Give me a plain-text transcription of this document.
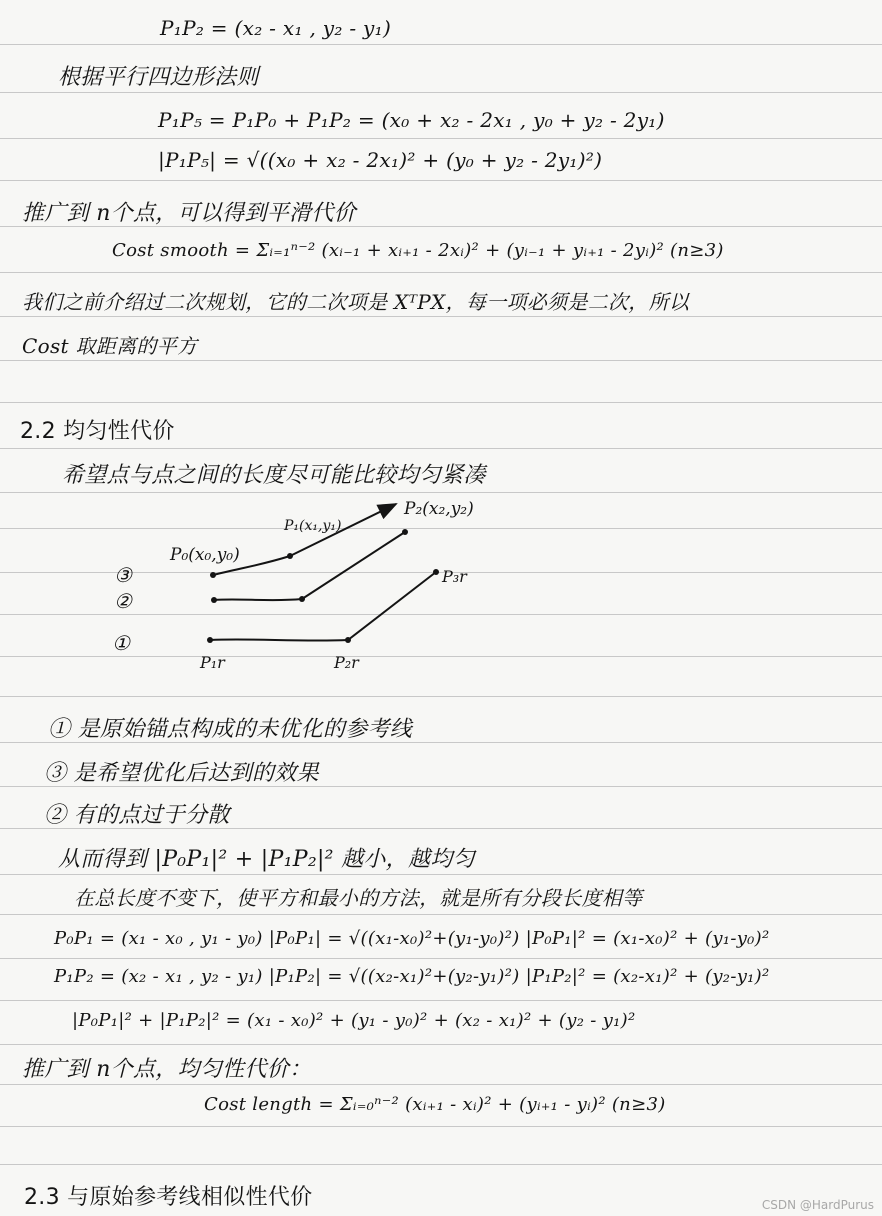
P₁P₂ = (x₂ - x₁ , y₂ - y₁)
根据平行四边形法则
P₁P₅ = P₁P₀ + P₁P₂ = (x₀ + x₂ - 2x₁ , y₀ + y₂ - 2y₁)
|P₁P₅| = √((x₀ + x₂ - 2x₁)² + (y₀ + y₂ - 2y₁)²)
推广到 n个点，可以得到平滑代价
Cost smooth = Σᵢ₌₁ⁿ⁻² (xᵢ₋₁ + xᵢ₊₁ - 2xᵢ)² + (yᵢ₋₁ + yᵢ₊₁ - 2yᵢ)² (n≥3)
我们之前介绍过二次规划，它的二次项是 XᵀPX，每一项必须是二次，所以
Cost 取距离的平方
2.2 均匀性代价
希望点与点之间的长度尽可能比较均匀紧凑
P₂(x₂,y₂)
P₁(x₁,y₁)
P₀(x₀,y₀)
P₃r
P₁r	P₂r
③
②
①
① 是原始锚点构成的未优化的参考线
③ 是希望优化后达到的效果
② 有的点过于分散
从而得到 |P₀P₁|² + |P₁P₂|² 越小，越均匀
在总长度不变下，使平方和最小的方法，就是所有分段长度相等
P₀P₁ = (x₁ - x₀ , y₁ - y₀) |P₀P₁| = √((x₁-x₀)²+(y₁-y₀)²) |P₀P₁|² = (x₁-x₀)² + (y₁-y₀)²
P₁P₂ = (x₂ - x₁ , y₂ - y₁) |P₁P₂| = √((x₂-x₁)²+(y₂-y₁)²) |P₁P₂|² = (x₂-x₁)² + (y₂-y₁)²
|P₀P₁|² + |P₁P₂|² = (x₁ - x₀)² + (y₁ - y₀)² + (x₂ - x₁)² + (y₂ - y₁)²
推广到 n个点，均匀性代价：
Cost length = Σᵢ₌₀ⁿ⁻² (xᵢ₊₁ - xᵢ)² + (yᵢ₊₁ - yᵢ)² (n≥3)
2.3 与原始参考线相似性代价	CSDN @HardPurus
